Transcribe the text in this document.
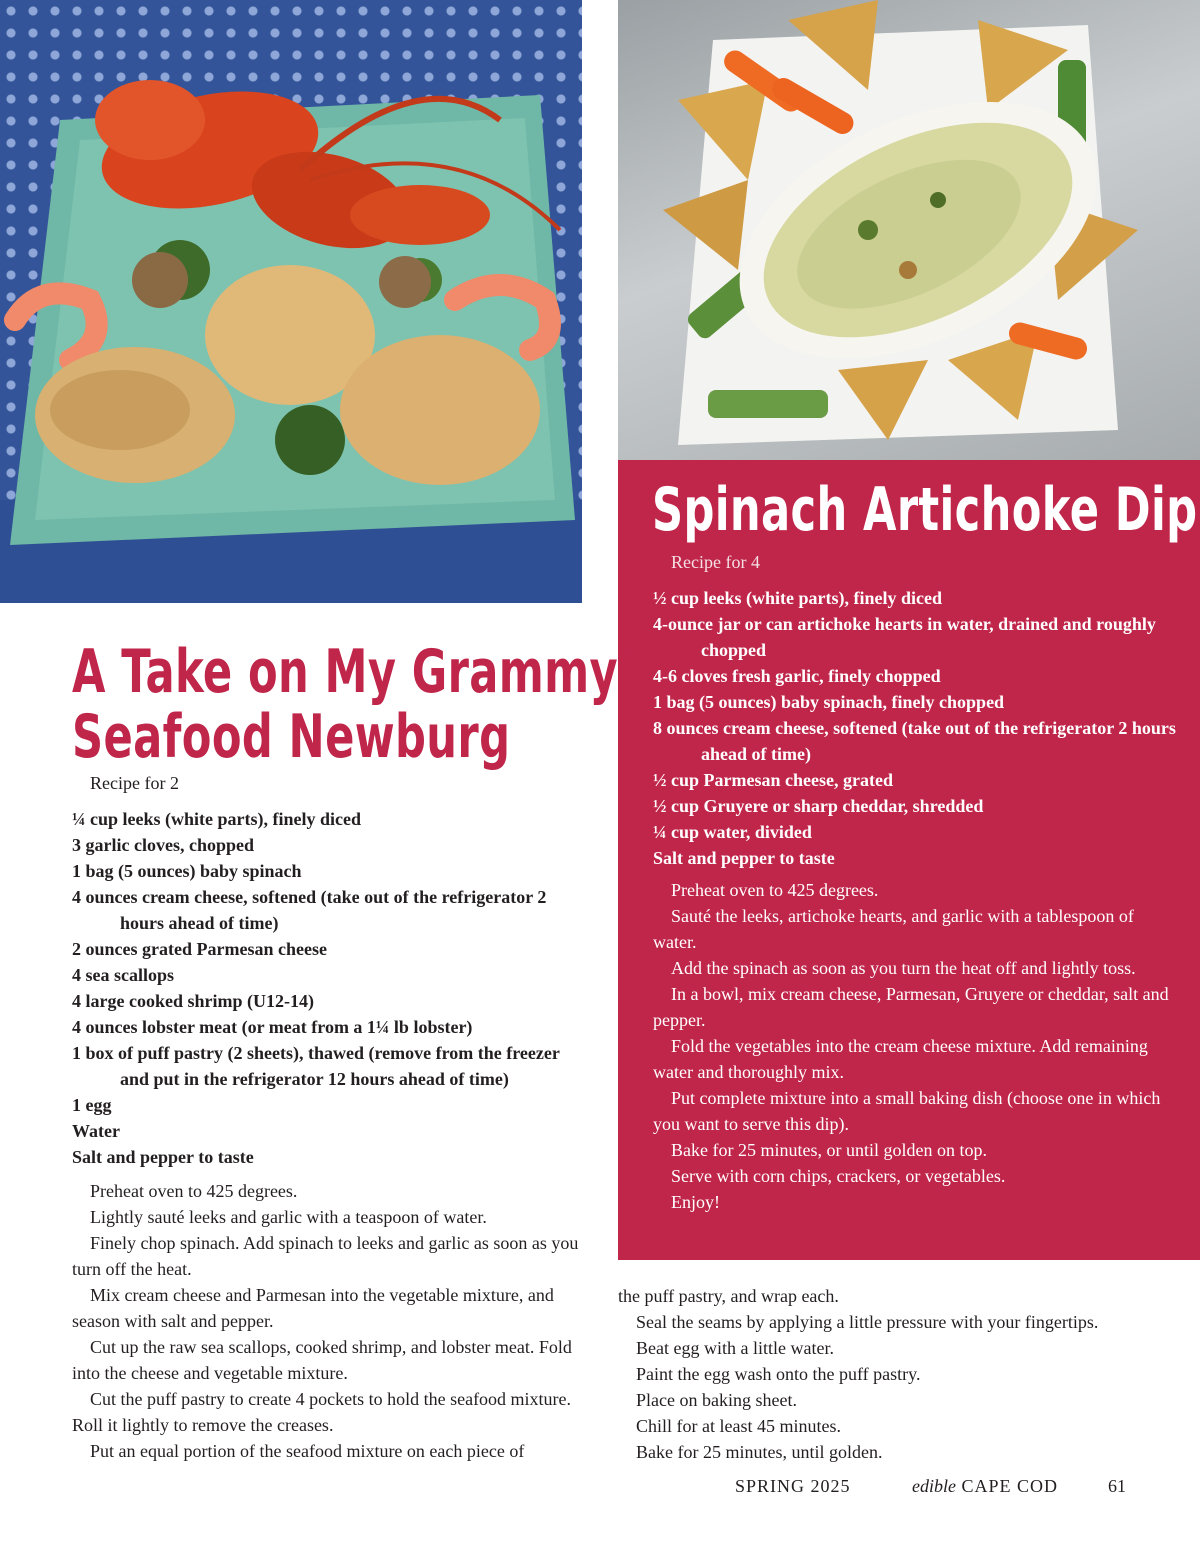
A Take on My Grammy’s
Seafood Newburg
Recipe for 2
¼ cup leeks (white parts), finely diced
3 garlic cloves, chopped
1 bag (5 ounces) baby spinach
4 ounces cream cheese, softened (take out of the refrigerator 2 hours ahead of time)
2 ounces grated Parmesan cheese
4 sea scallops
4 large cooked shrimp (U12-14)
4 ounces lobster meat (or meat from a 1¼ lb lobster)
1 box of puff pastry (2 sheets), thawed (remove from the freezer and put in the refrigerator 12 hours ahead of time)
1 egg
Water
Salt and pepper to taste

Preheat oven to 425 degrees.

Lightly sauté leeks and garlic with a teaspoon of water.

Finely chop spinach. Add spinach to leeks and garlic as soon as you turn off the heat.

Mix cream cheese and Parmesan into the vegetable mixture, and season with salt and pepper.

Cut up the raw sea scallops, cooked shrimp, and lobster meat. Fold into the cheese and vegetable mixture.

Cut the puff pastry to create 4 pockets to hold the seafood mixture. Roll it lightly to remove the creases.

Put an equal portion of the seafood mixture on each piece of

Spinach Artichoke Dip
Recipe for 4
½ cup leeks (white parts), finely diced
4-ounce jar or can artichoke hearts in water, drained and roughly chopped
4-6 cloves fresh garlic, finely chopped
1 bag (5 ounces) baby spinach, finely chopped
8 ounces cream cheese, softened (take out of the refrigerator 2 hours ahead of time)
½ cup Parmesan cheese, grated
½ cup Gruyere or sharp cheddar, shredded
¼ cup water, divided
Salt and pepper to taste

Preheat oven to 425 degrees.

Sauté the leeks, artichoke hearts, and garlic with a tablespoon of water.

Add the spinach as soon as you turn the heat off and lightly toss.

In a bowl, mix cream cheese, Parmesan, Gruyere or cheddar, salt and pepper.

Fold the vegetables into the cream cheese mixture. Add remaining water and thoroughly mix.

Put complete mixture into a small baking dish (choose one in which you want to serve this dip).

Bake for 25 minutes, or until golden on top.

Serve with corn chips, crackers, or vegetables.

Enjoy!

the puff pastry, and wrap each.

Seal the seams by applying a little pressure with your fingertips.

Beat egg with a little water.

Paint the egg wash onto the puff pastry.

Place on baking sheet.

Chill for at least 45 minutes.

Bake for 25 minutes, until golden.

SPRING 2025	edible CAPE COD	61
